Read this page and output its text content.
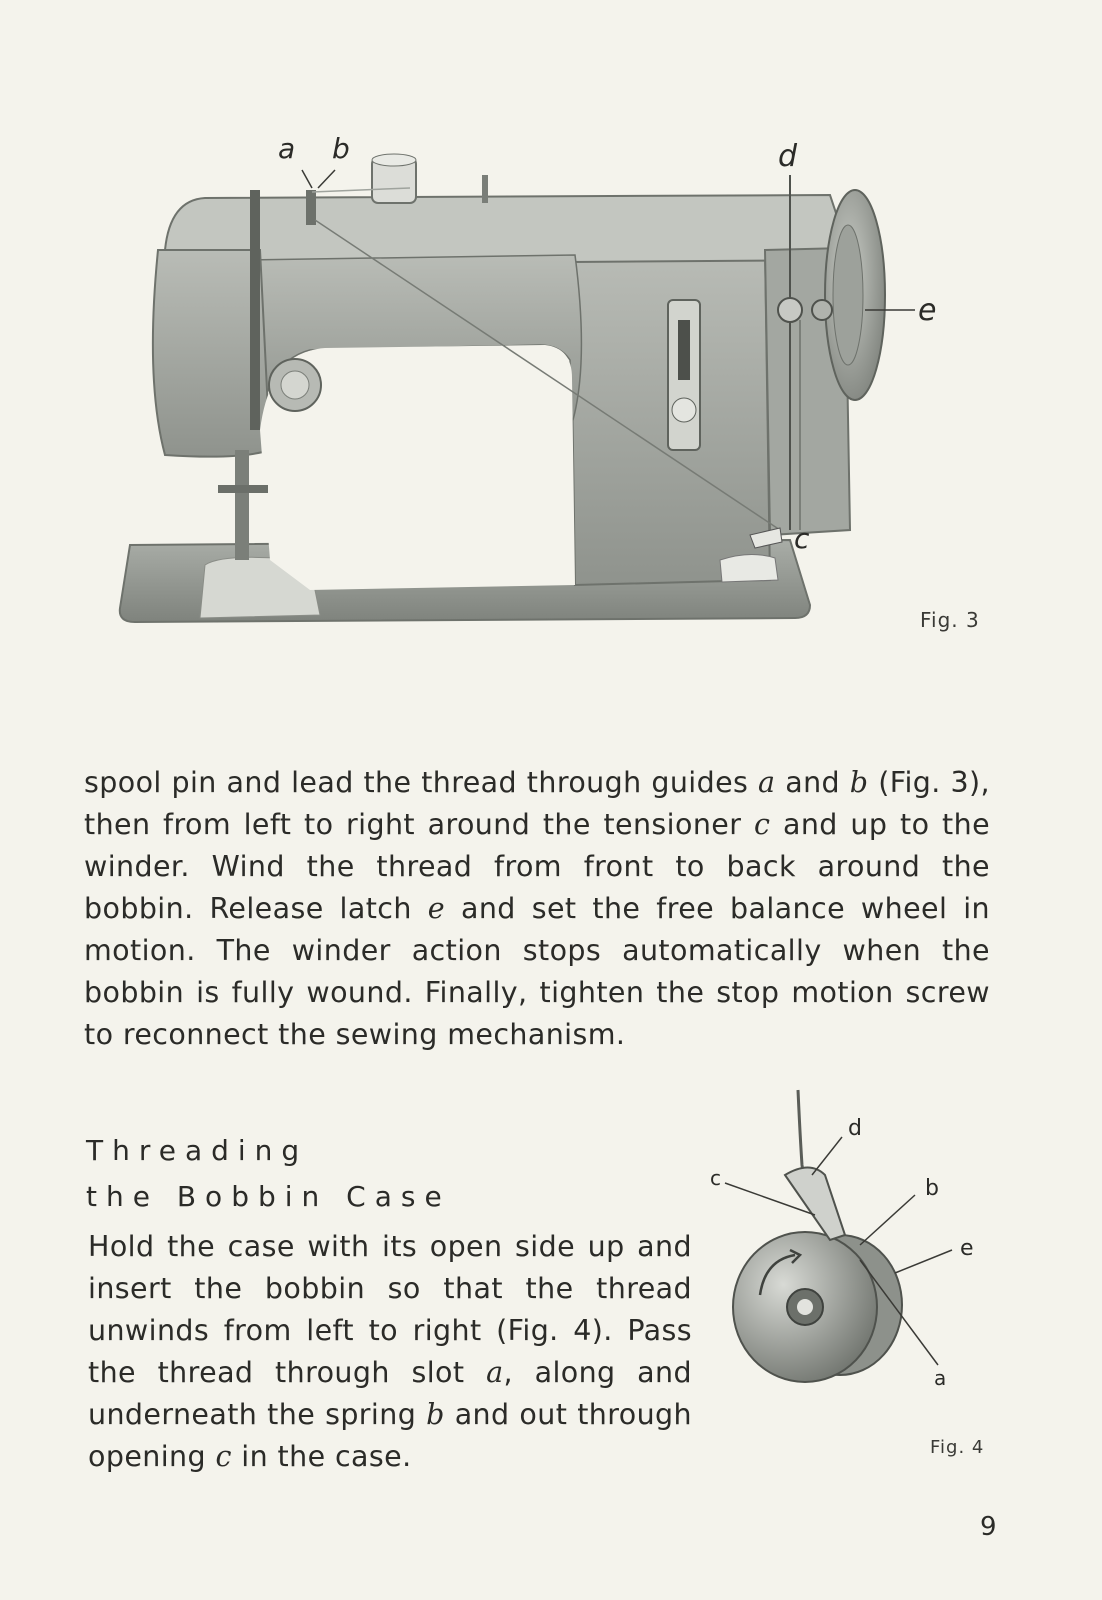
a b	d
e
c
Fig. 3

spool pin and lead the thread through guides a and b (Fig. 3), then from left to right around the tensioner c and up to the winder. Wind the thread from front to back around the bobbin. Release latch e and set the free balance wheel in motion. The winder action stops automatically when the bobbin is fully wound. Finally, tighten the stop motion screw to reconnect the sewing mechanism.

Threading
the Bobbin Case

Hold the case with its open side up and insert the bobbin so that the thread unwinds from left to right (Fig. 4). Pass the thread through slot a, along and underneath the spring b and out through opening c in the case.

d
c	b
e
a
Fig. 4
9
